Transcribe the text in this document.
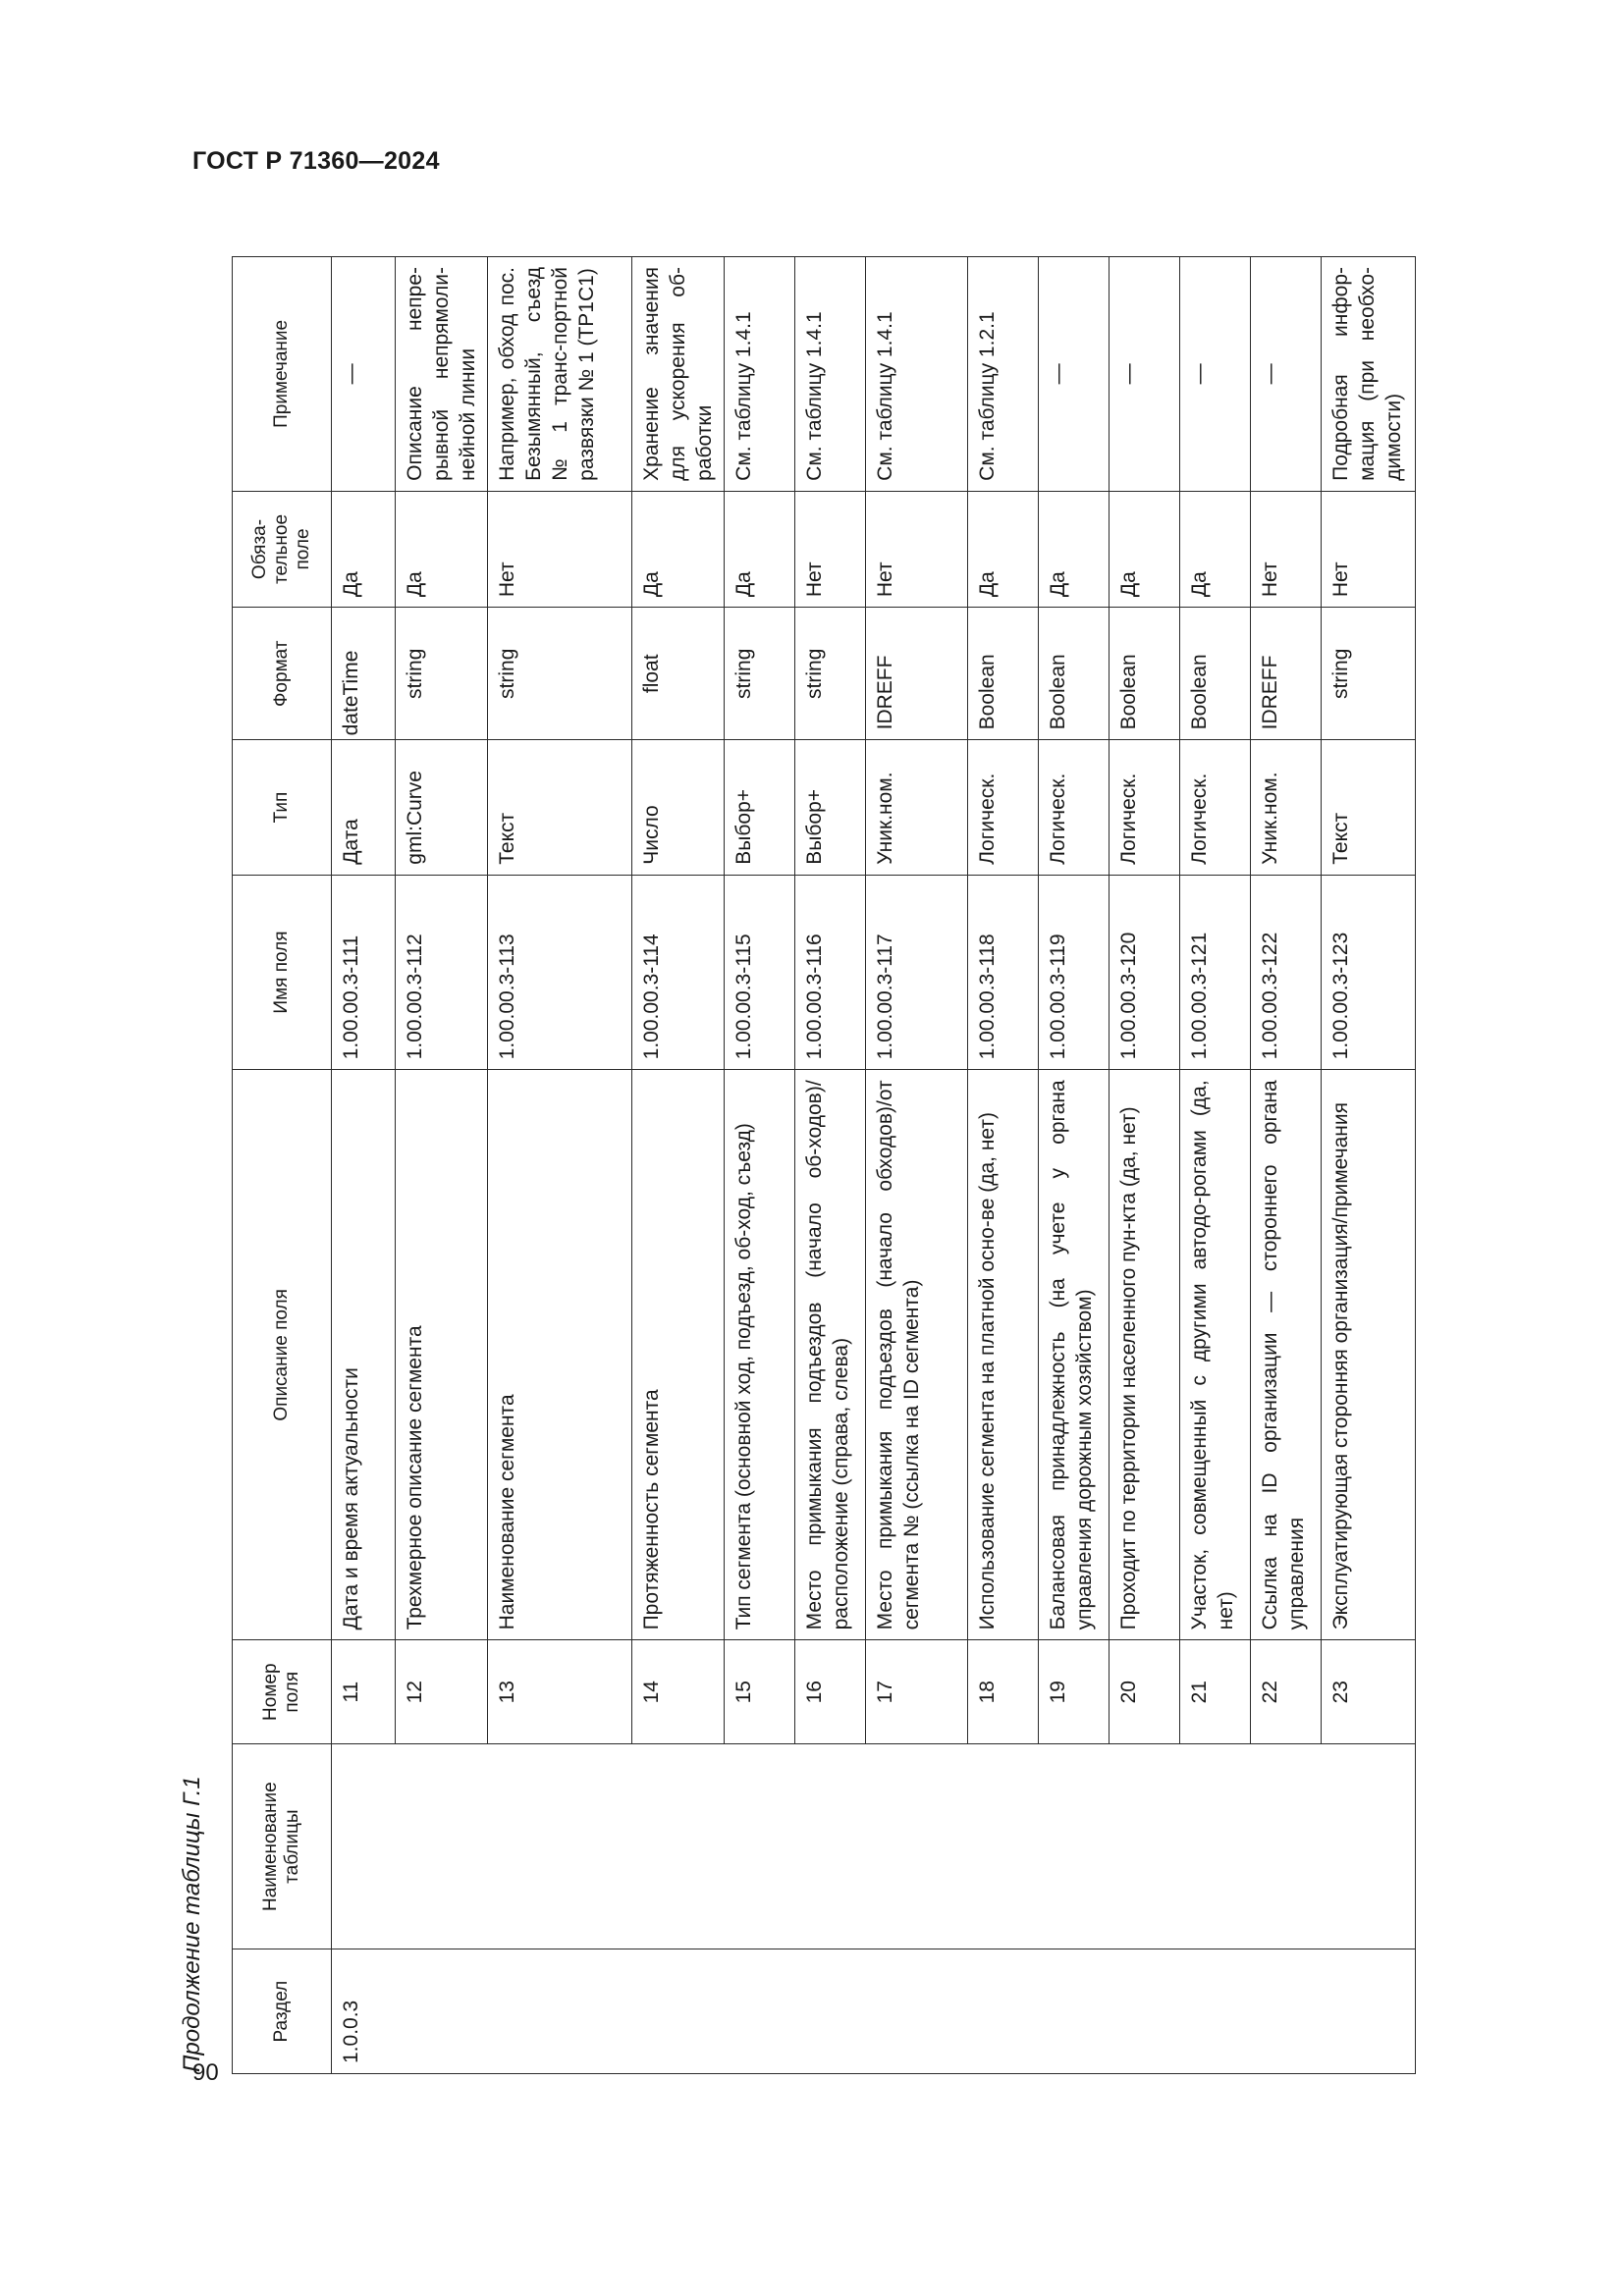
ГОСТ Р 71360—2024
Продолжение таблицы Г.1	Раздел	Наименование таблицы	Номер поля	Описание поля	Имя поля	Тип	Формат	Обяза-тельное поле	Примечание
1.0.0.3		11	Дата и время актуальности	1.00.00.3-111	Дата	dateTime	Да	—
		12	Трехмерное описание сегмента	1.00.00.3-112	gml:Curve	string	Да	Описание непре-рывной непрямоли-нейной линии
		13	Наименование сегмента	1.00.00.3-113	Текст	string	Нет	Например, обход пос. Безымянный, съезд № 1 транс-портной развязки № 1 (ТР1С1)
		14	Протяженность сегмента	1.00.00.3-114	Число	float	Да	Хранение значения для ускорения об-работки
		15	Тип сегмента (основной ход, подъезд, об-ход, съезд)	1.00.00.3-115	Выбор+	string	Да	См. таблицу 1.4.1
		16	Место примыкания подъездов (начало об-ходов)/расположение (справа, слева)	1.00.00.3-116	Выбор+	string	Нет	См. таблицу 1.4.1
		17	Место примыкания подъездов (начало обходов)/от сегмента № (ссылка на ID сегмента)	1.00.00.3-117	Уник.ном.	IDREFF	Нет	См. таблицу 1.4.1
		18	Использование сегмента на платной осно-ве (да, нет)	1.00.00.3-118	Логическ.	Boolean	Да	См. таблицу 1.2.1
		19	Балансовая принадлежность (на учете у органа управления дорожным хозяйством)	1.00.00.3-119	Логическ.	Boolean	Да	—
		20	Проходит по территории населенного пун-кта (да, нет)	1.00.00.3-120	Логическ.	Boolean	Да	—
		21	Участок, совмещенный с другими автодо-рогами (да, нет)	1.00.00.3-121	Логическ.	Boolean	Да	—
		22	Ссылка на ID организации — стороннего органа управления	1.00.00.3-122	Уник.ном.	IDREFF	Нет	—
		23	Эксплуатирующая сторонняя организация/примечания	1.00.00.3-123	Текст	string	Нет	Подробная инфор-мация (при необхо-димости)
90
